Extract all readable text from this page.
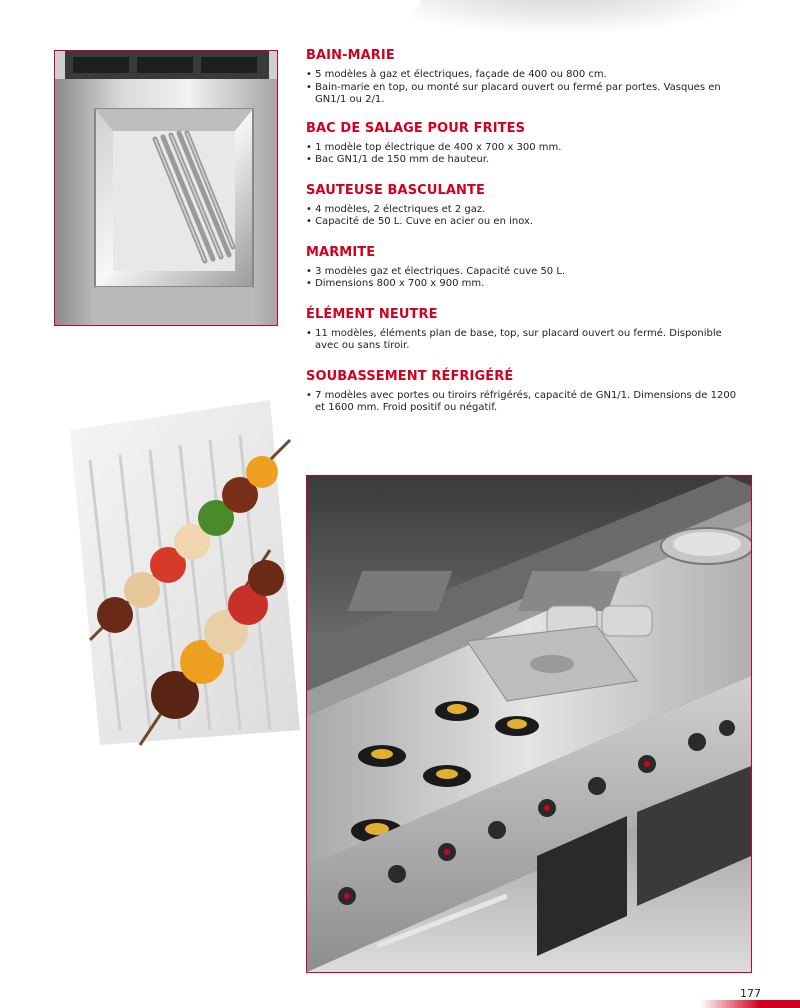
BAIN-MARIE
• 5 modèles à gaz et électriques, façade de 400 ou 800 cm.
• Bain-marie en top, ou monté sur placard ouvert ou fermé par portes. Vasques en GN1/1 ou 2/1.
BAC DE SALAGE POUR FRITES
• 1 modèle top électrique de 400 x 700 x 300 mm.
• Bac GN1/1 de 150 mm de hauteur.
SAUTEUSE BASCULANTE
• 4 modèles, 2 électriques et 2 gaz.
• Capacité de 50 L. Cuve en acier ou en inox.
MARMITE
• 3 modèles gaz et électriques. Capacité cuve 50 L.
• Dimensions 800 x 700 x 900 mm.
ÉLÉMENT NEUTRE
• 11 modèles, éléments plan de base, top, sur placard ouvert ou fermé. Disponible avec ou sans tiroir.
SOUBASSEMENT RÉFRIGÉRÉ
• 7 modèles avec portes ou tiroirs réfrigérés, capacité de GN1/1. Dimensions de 1200 et 1600 mm. Froid positif ou négatif.
177
